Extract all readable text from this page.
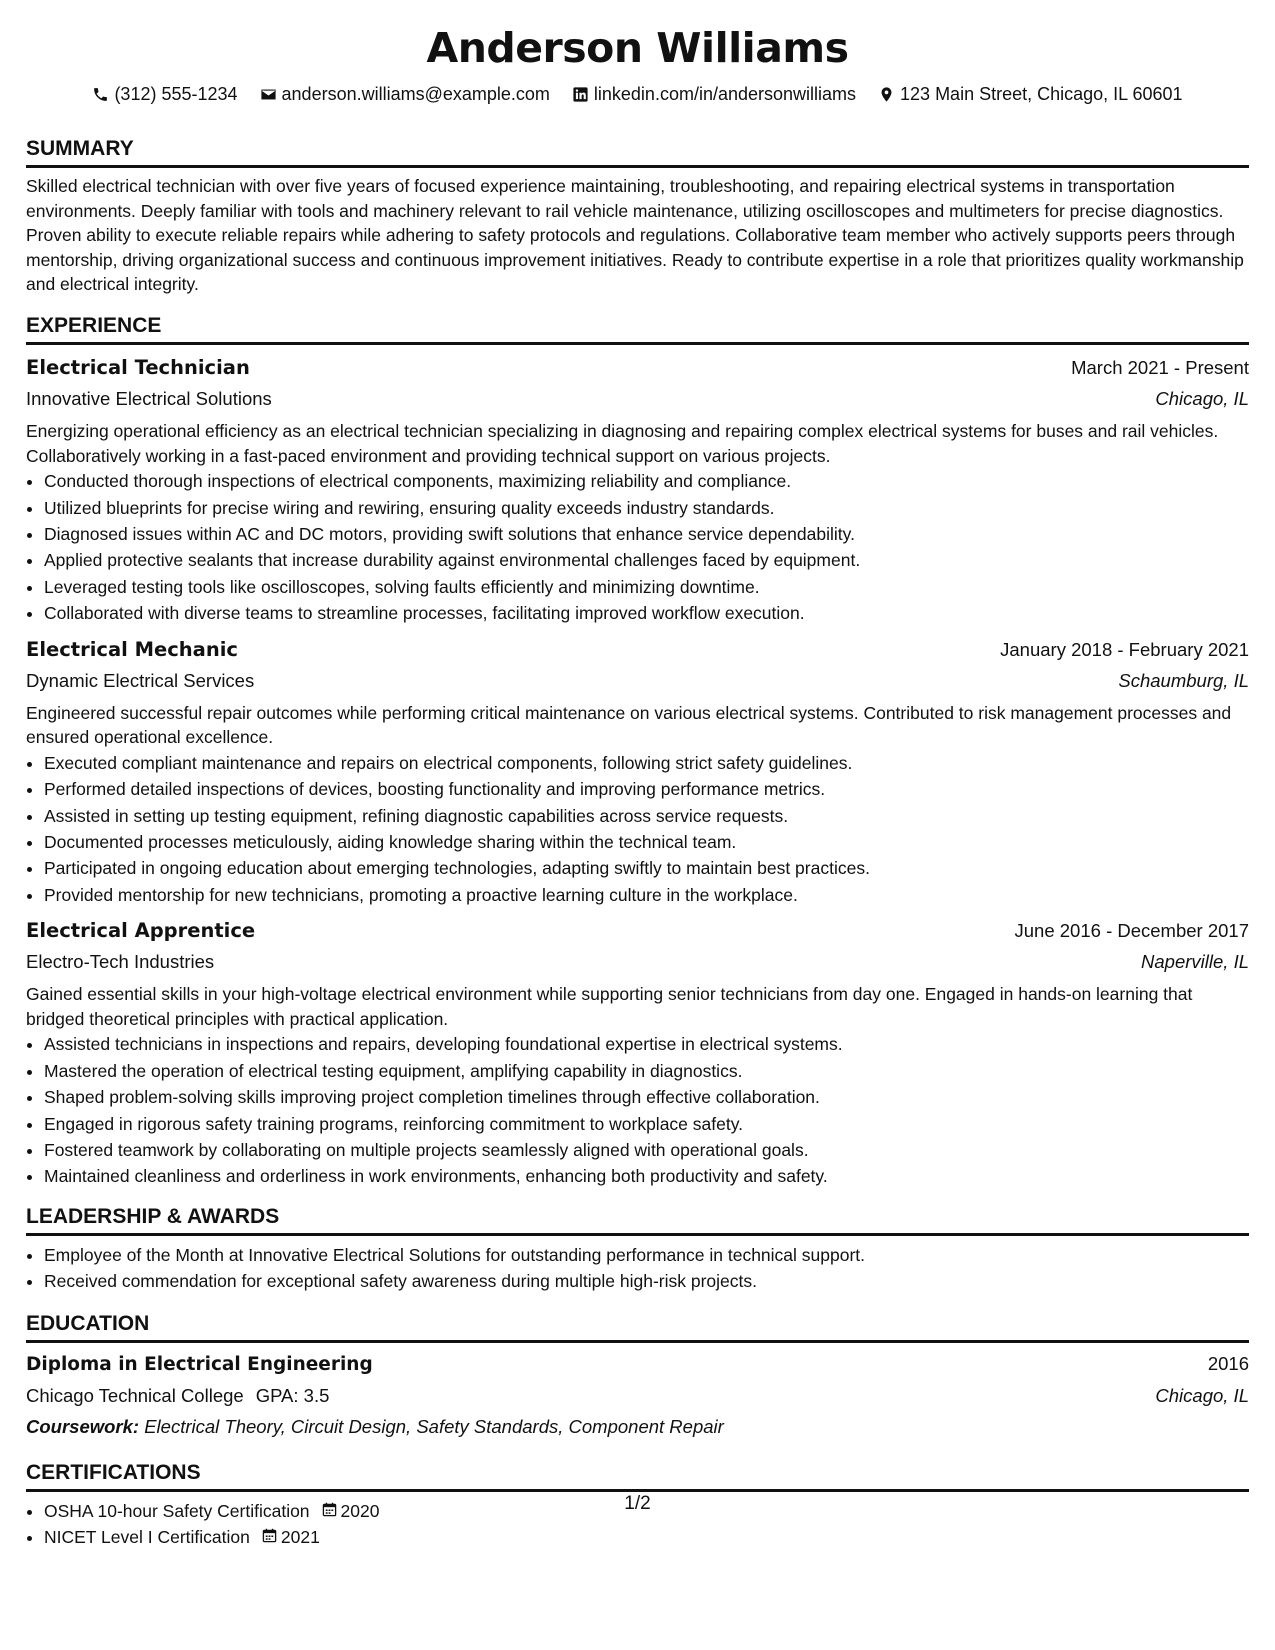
Anderson Williams
(312) 555-1234 anderson.williams@example.com linkedin.com/in/andersonwilliams 123 Main Street, Chicago, IL 60601
SUMMARY
Skilled electrical technician with over five years of focused experience maintaining, troubleshooting, and repairing electrical systems in transportation environments. Deeply familiar with tools and machinery relevant to rail vehicle maintenance, utilizing oscilloscopes and multimeters for precise diagnostics. Proven ability to execute reliable repairs while adhering to safety protocols and regulations. Collaborative team member who actively supports peers through mentorship, driving organizational success and continuous improvement initiatives. Ready to contribute expertise in a role that prioritizes quality workmanship and electrical integrity.
EXPERIENCE
Electrical Technician	March 2021 - Present
Innovative Electrical Solutions	Chicago, IL
Energizing operational efficiency as an electrical technician specializing in diagnosing and repairing complex electrical systems for buses and rail vehicles. Collaboratively working in a fast-paced environment and providing technical support on various projects.
• Conducted thorough inspections of electrical components, maximizing reliability and compliance.
• Utilized blueprints for precise wiring and rewiring, ensuring quality exceeds industry standards.
• Diagnosed issues within AC and DC motors, providing swift solutions that enhance service dependability.
• Applied protective sealants that increase durability against environmental challenges faced by equipment.
• Leveraged testing tools like oscilloscopes, solving faults efficiently and minimizing downtime.
• Collaborated with diverse teams to streamline processes, facilitating improved workflow execution.
Electrical Mechanic	January 2018 - February 2021
Dynamic Electrical Services	Schaumburg, IL
Engineered successful repair outcomes while performing critical maintenance on various electrical systems. Contributed to risk management processes and ensured operational excellence.
• Executed compliant maintenance and repairs on electrical components, following strict safety guidelines.
• Performed detailed inspections of devices, boosting functionality and improving performance metrics.
• Assisted in setting up testing equipment, refining diagnostic capabilities across service requests.
• Documented processes meticulously, aiding knowledge sharing within the technical team.
• Participated in ongoing education about emerging technologies, adapting swiftly to maintain best practices.
• Provided mentorship for new technicians, promoting a proactive learning culture in the workplace.
Electrical Apprentice	June 2016 - December 2017
Electro-Tech Industries	Naperville, IL
Gained essential skills in your high-voltage electrical environment while supporting senior technicians from day one. Engaged in hands-on learning that bridged theoretical principles with practical application.
• Assisted technicians in inspections and repairs, developing foundational expertise in electrical systems.
• Mastered the operation of electrical testing equipment, amplifying capability in diagnostics.
• Shaped problem-solving skills improving project completion timelines through effective collaboration.
• Engaged in rigorous safety training programs, reinforcing commitment to workplace safety.
• Fostered teamwork by collaborating on multiple projects seamlessly aligned with operational goals.
• Maintained cleanliness and orderliness in work environments, enhancing both productivity and safety.
LEADERSHIP & AWARDS
• Employee of the Month at Innovative Electrical Solutions for outstanding performance in technical support.
• Received commendation for exceptional safety awareness during multiple high-risk projects.
EDUCATION
Diploma in Electrical Engineering	2016
Chicago Technical College GPA: 3.5	Chicago, IL
Coursework: Electrical Theory, Circuit Design, Safety Standards, Component Repair
CERTIFICATIONS
• OSHA 10-hour Safety Certification 2020
• NICET Level I Certification 2021
1/2
